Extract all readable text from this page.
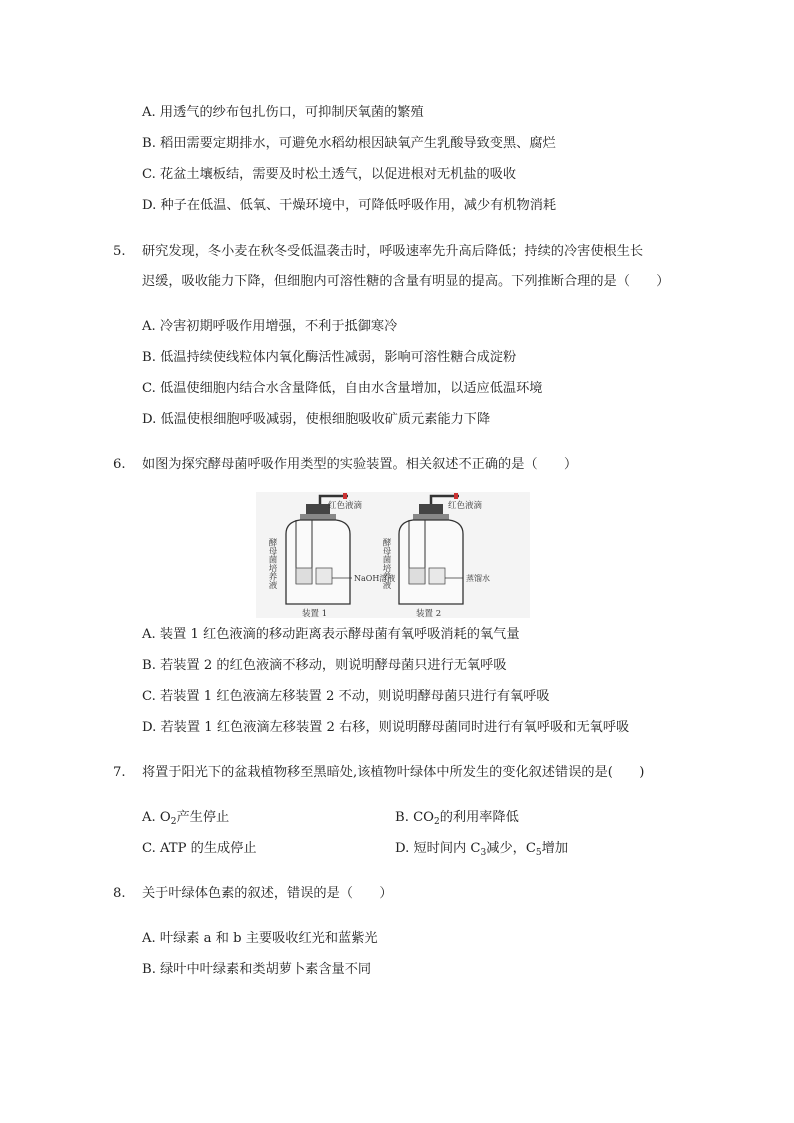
A. 用透气的纱布包扎伤口，可抑制厌氧菌的繁殖
B. 稻田需要定期排水，可避免水稻幼根因缺氧产生乳酸导致变黑、腐烂
C. 花盆土壤板结，需要及时松土透气，以促进根对无机盐的吸收
D. 种子在低温、低氧、干燥环境中，可降低呼吸作用，减少有机物消耗
5. 研究发现，冬小麦在秋冬受低温袭击时，呼吸速率先升高后降低；持续的冷害使根生长
迟缓，吸收能力下降，但细胞内可溶性糖的含量有明显的提高。下列推断合理的是（　　）
A. 冷害初期呼吸作用增强，不利于抵御寒冷
B. 低温持续使线粒体内氧化酶活性减弱，影响可溶性糖合成淀粉
C. 低温使细胞内结合水含量降低，自由水含量增加，以适应低温环境
D. 低温使根细胞呼吸减弱，使根细胞吸收矿质元素能力下降
6. 如图为探究酵母菌呼吸作用类型的实验装置。相关叙述不正确的是（　　）
红色液滴
酵母菌培养液	NaOH溶液
装置 1
红色液滴
酵母菌培养液	蒸馏水
装置 2
A. 装置 1 红色液滴的移动距离表示酵母菌有氧呼吸消耗的氧气量
B. 若装置 2 的红色液滴不移动，则说明酵母菌只进行无氧呼吸
C. 若装置 1 红色液滴左移装置 2 不动，则说明酵母菌只进行有氧呼吸
D. 若装置 1 红色液滴左移装置 2 右移，则说明酵母菌同时进行有氧呼吸和无氧呼吸
7. 将置于阳光下的盆栽植物移至黑暗处,该植物叶绿体中所发生的变化叙述错误的是(　　)
A. $O_2$产生停止	B. $CO_2$的利用率降低
C. ATP 的生成停止	D. 短时间内 $C_3$减少，$C_5$增加
8. 关于叶绿体色素的叙述，错误的是（　　）
A. 叶绿素 a 和 b 主要吸收红光和蓝紫光
B. 绿叶中叶绿素和类胡萝卜素含量不同
